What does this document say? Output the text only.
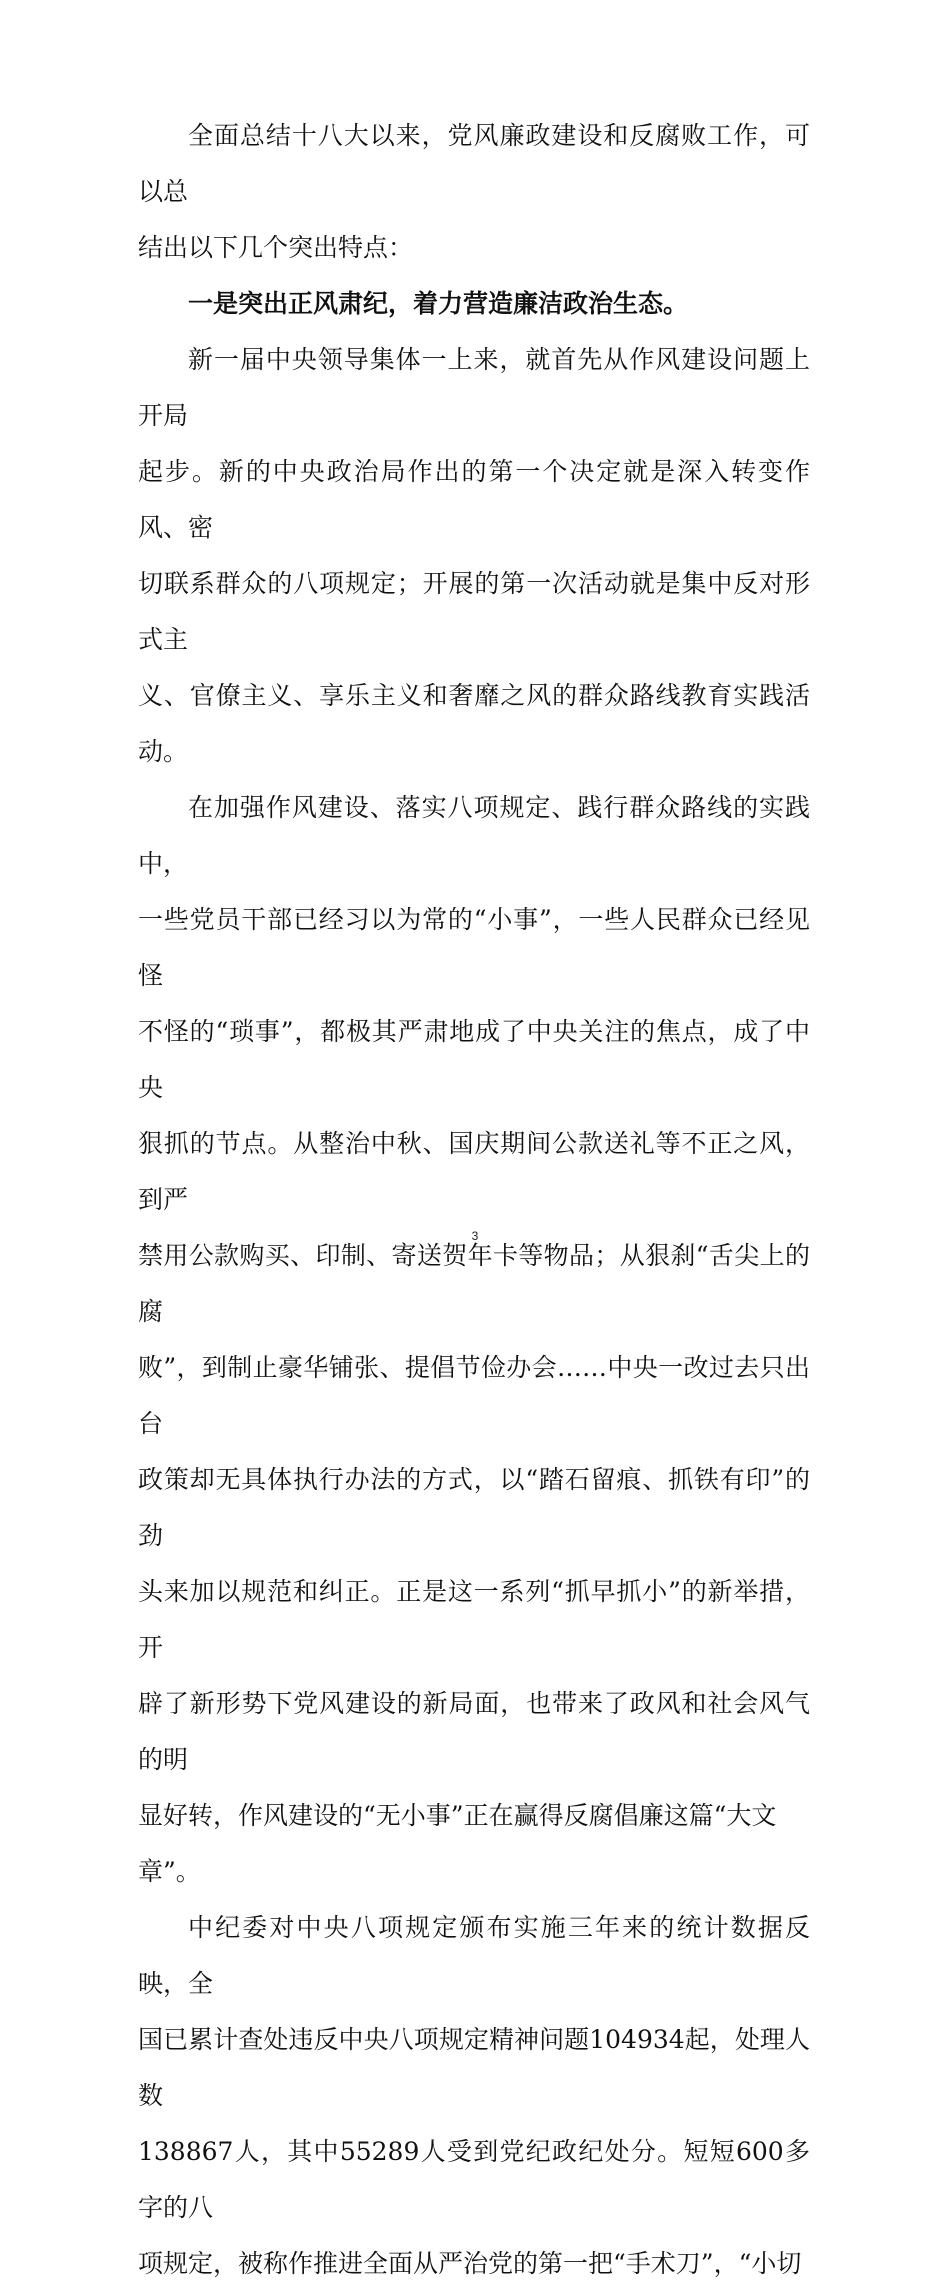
全面总结十八大以来，党风廉政建设和反腐败工作，可以总
结出以下几个突出特点：

一是突出正风肃纪，着力营造廉洁政治生态。

新一届中央领导集体一上来，就首先从作风建设问题上开局
起步。新的中央政治局作出的第一个决定就是深入转变作风、密
切联系群众的八项规定；开展的第一次活动就是集中反对形式主
义、官僚主义、享乐主义和奢靡之风的群众路线教育实践活动。

在加强作风建设、落实八项规定、践行群众路线的实践中，
一些党员干部已经习以为常的“小事”，一些人民群众已经见怪
不怪的“琐事”，都极其严肃地成了中央关注的焦点，成了中央
狠抓的节点。从整治中秋、国庆期间公款送礼等不正之风，到严
禁用公款购买、印制、寄送贺年卡等物品；从狠刹“舌尖上的腐
败”，到制止豪华铺张、提倡节俭办会……中央一改过去只出台
政策却无具体执行办法的方式，以“踏石留痕、抓铁有印”的劲
头来加以规范和纠正。正是这一系列“抓早抓小”的新举措，开
辟了新形势下党风建设的新局面，也带来了政风和社会风气的明
显好转，作风建设的“无小事”正在赢得反腐倡廉这篇“大文
章”。

中纪委对中央八项规定颁布实施三年来的统计数据反映，全
国已累计查处违反中央八项规定精神问题104934起，处理人数
138867人，其中55289人受到党纪政纪处分。短短600多字的八
项规定，被称作推进全面从严治党的第一把“手术刀”，“小切

3
